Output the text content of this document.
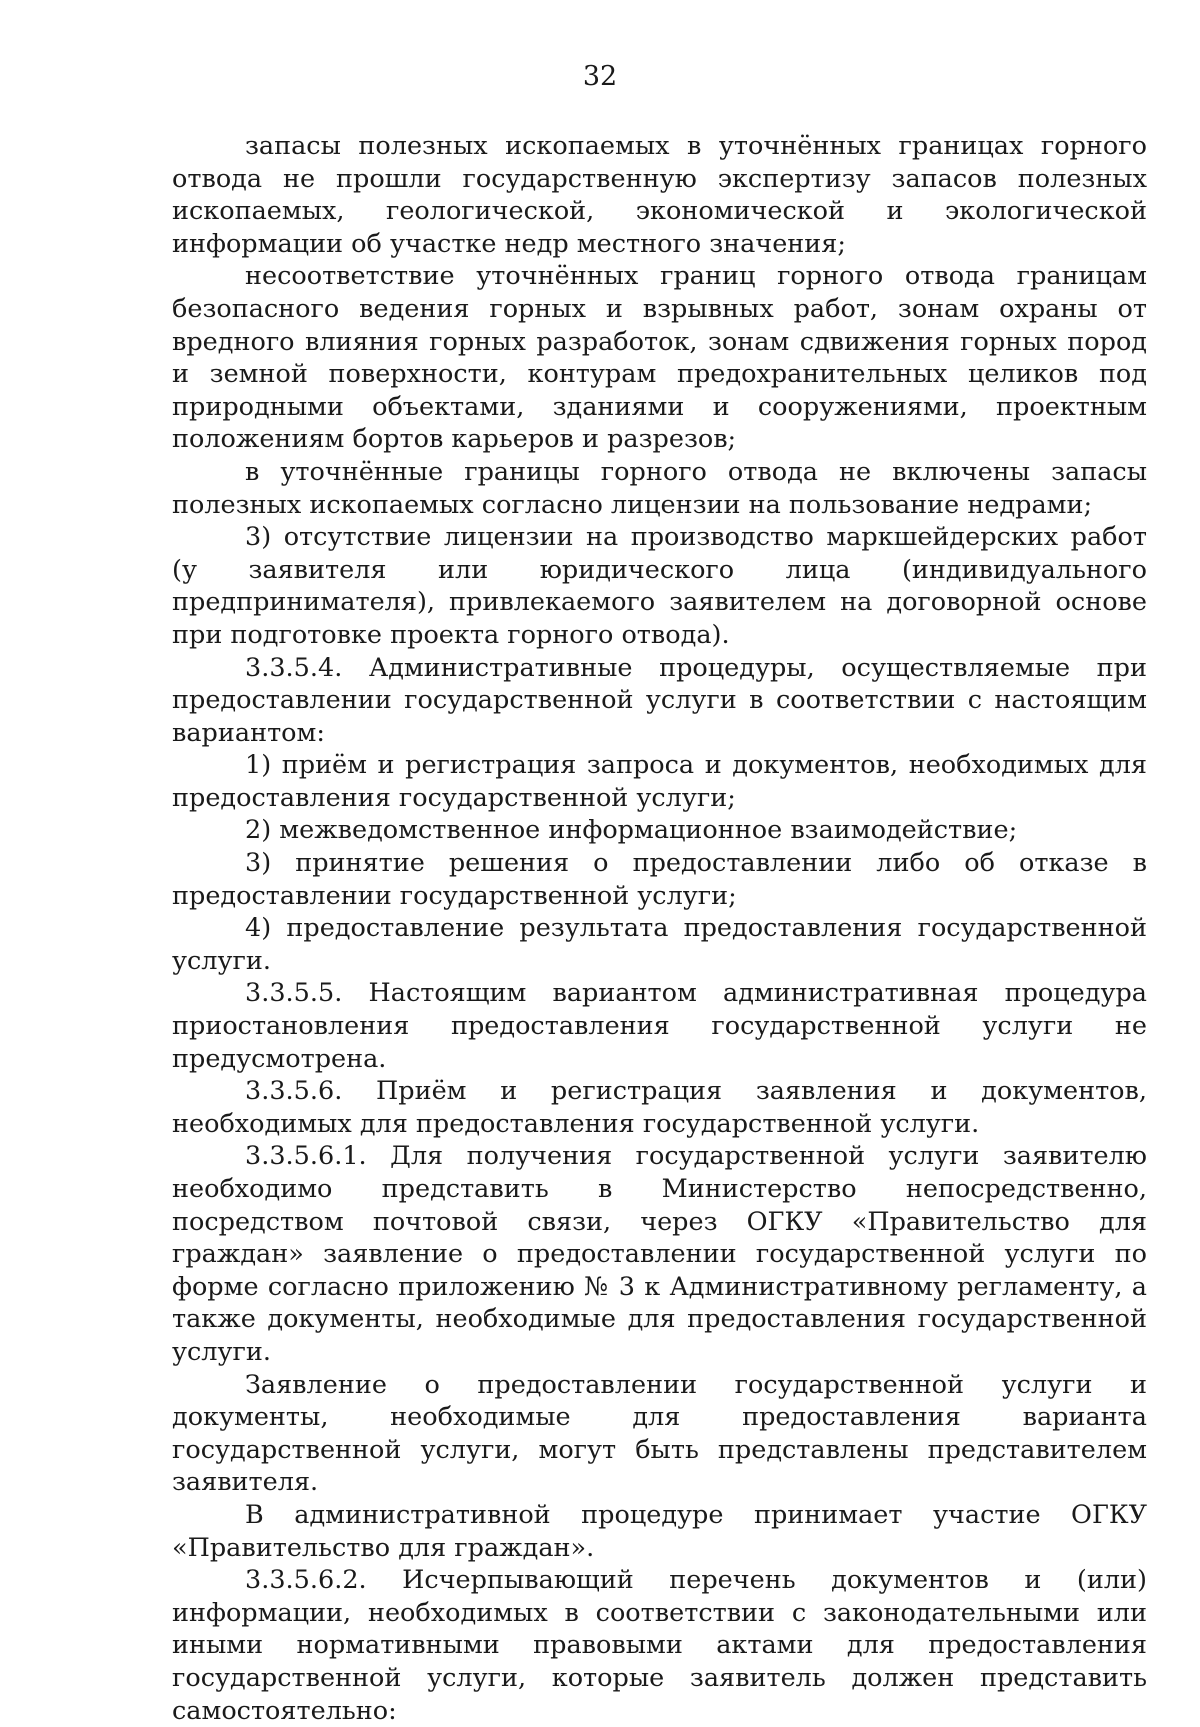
32

запасы полезных ископаемых в уточнённых границах горного отвода не прошли государственную экспертизу запасов полезных ископаемых, геологической, экономической и экологической информации об участке недр местного значения;

несоответствие уточнённых границ горного отвода границам безопасного ведения горных и взрывных работ, зонам охраны от вредного влияния горных разработок, зонам сдвижения горных пород и земной поверхности, контурам предохранительных целиков под природными объектами, зданиями и сооружениями, проектным положениям бортов карьеров и разрезов;

в уточнённые границы горного отвода не включены запасы полезных ископаемых согласно лицензии на пользование недрами;

3) отсутствие лицензии на производство маркшейдерских работ (у заявителя или юридического лица (индивидуального предпринимателя), привлекаемого заявителем на договорной основе при подготовке проекта горного отвода).

3.3.5.4. Административные процедуры, осуществляемые при предоставлении государственной услуги в соответствии с настоящим вариантом:

1) приём и регистрация запроса и документов, необходимых для предоставления государственной услуги;

2) межведомственное информационное взаимодействие;

3) принятие решения о предоставлении либо об отказе в предоставлении государственной услуги;

4) предоставление результата предоставления государственной услуги.

3.3.5.5. Настоящим вариантом административная процедура приостановления предоставления государственной услуги не предусмотрена.

3.3.5.6. Приём и регистрация заявления и документов, необходимых для предоставления государственной услуги.

3.3.5.6.1. Для получения государственной услуги заявителю необходимо представить в Министерство непосредственно, посредством почтовой связи, через ОГКУ «Правительство для граждан» заявление о предоставлении государственной услуги по форме согласно приложению № 3 к Административному регламенту, а также документы, необходимые для предоставления государственной услуги.

Заявление о предоставлении государственной услуги и документы, необходимые для предоставления варианта государственной услуги, могут быть представлены представителем заявителя.

В административной процедуре принимает участие ОГКУ «Правительство для граждан».

3.3.5.6.2. Исчерпывающий перечень документов и (или) информации, необходимых в соответствии с законодательными или иными нормативными правовыми актами для предоставления государственной услуги, которые заявитель должен представить самостоятельно:
